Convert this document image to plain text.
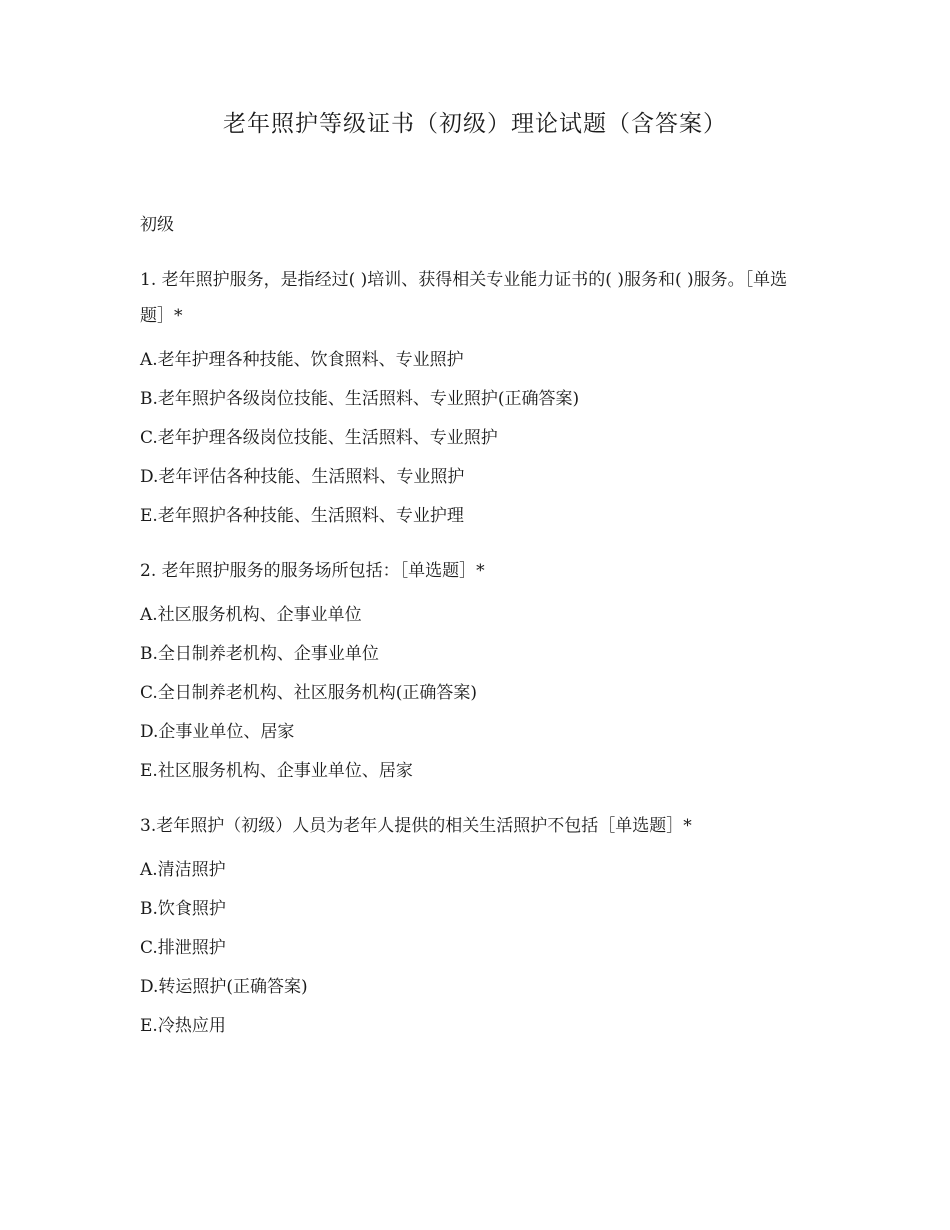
老年照护等级证书（初级）理论试题（含答案）
初级
1. 老年照护服务，是指经过( )培训、获得相关专业能力证书的( )服务和( )服务。［单选题］*
A.老年护理各种技能、饮食照料、专业照护
B.老年照护各级岗位技能、生活照料、专业照护(正确答案)
C.老年护理各级岗位技能、生活照料、专业照护
D.老年评估各种技能、生活照料、专业照护
E.老年照护各种技能、生活照料、专业护理
2. 老年照护服务的服务场所包括：［单选题］*
A.社区服务机构、企事业单位
B.全日制养老机构、企事业单位
C.全日制养老机构、社区服务机构(正确答案)
D.企事业单位、居家
E.社区服务机构、企事业单位、居家
3.老年照护（初级）人员为老年人提供的相关生活照护不包括［单选题］*
A.清洁照护
B.饮食照护
C.排泄照护
D.转运照护(正确答案)
E.冷热应用
